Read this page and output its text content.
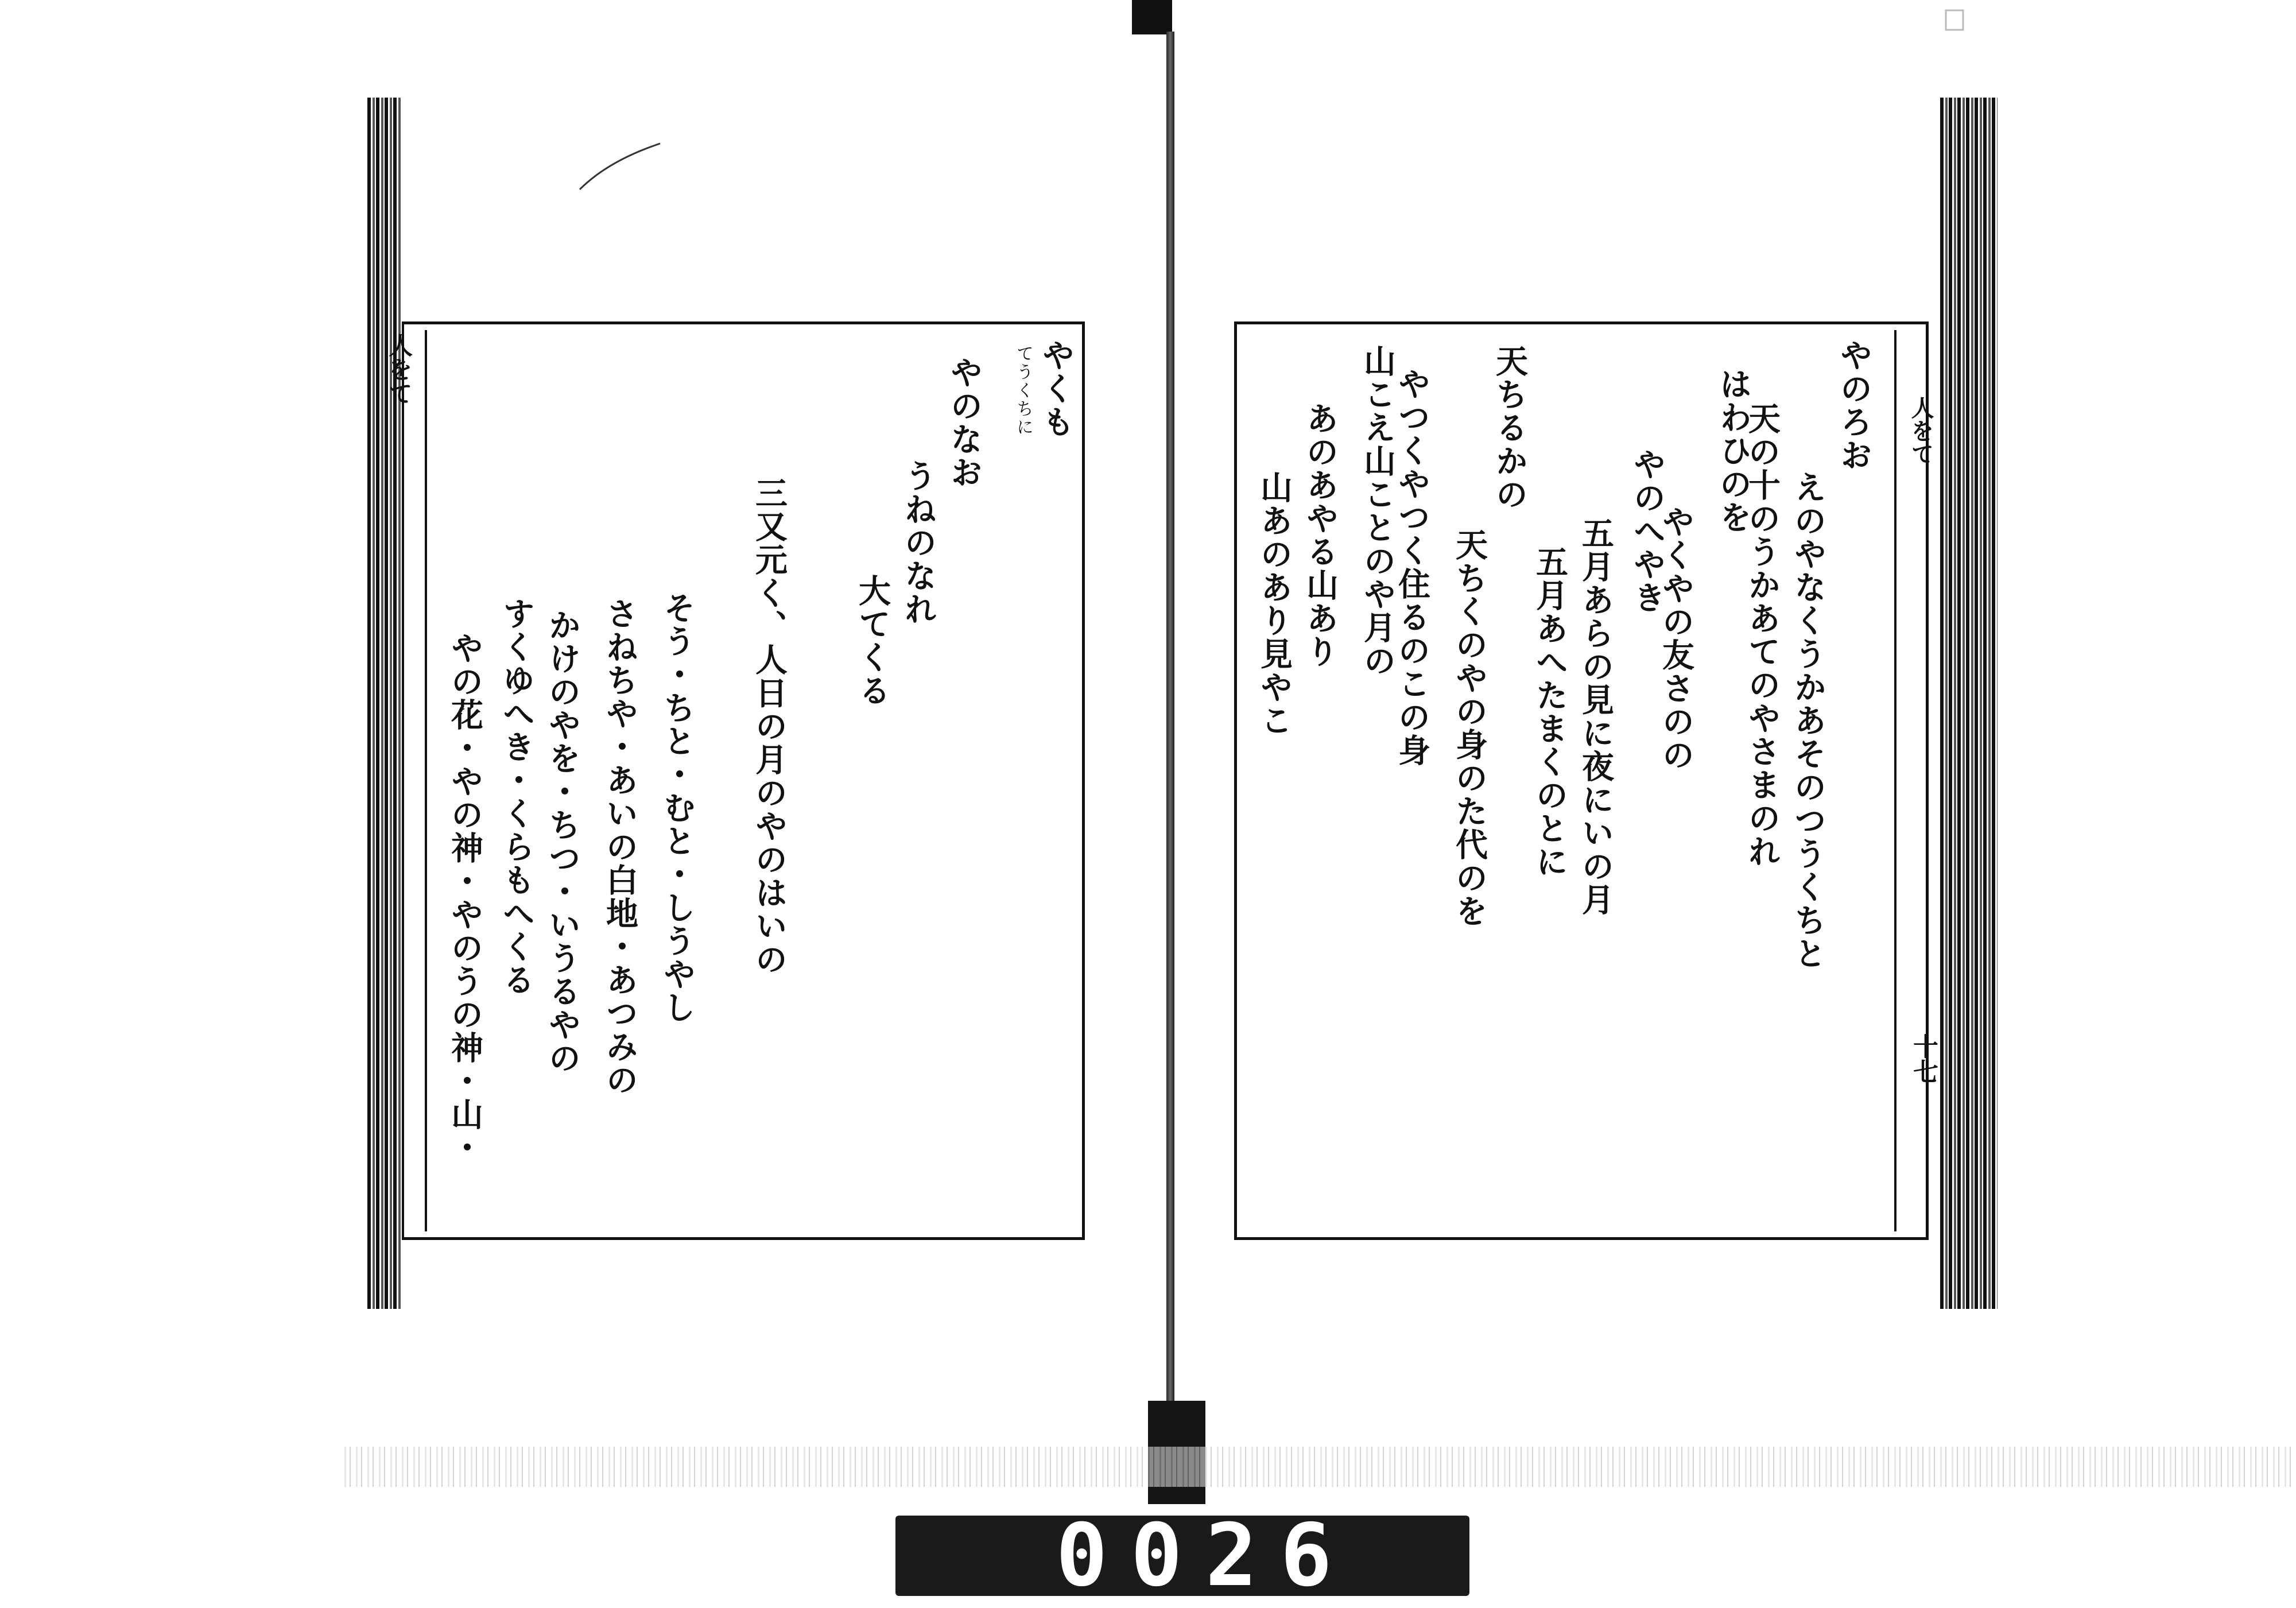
人をて
十七
人をて
やくも
てうくちに
やのなお
うねのなれ
大てくる
三又元く、人日の月のやのはいの
そう・ちと・むと・しうやし
さねちや・あいの白地・あつみの
かけのやを・ちつ・いうるやの
すくゆへき・くらもへくる
やの花・やの神・やのうの神・山・
やのろお
えのやなくうかあそのつうくちと
天の十のうかあてのやさまのれ
はわひのを
やくやの友さのの
やのへやき
五月あらの見に夜にいの月
五月あへたまくのとに
天ちるかの
天ちくのやの身のた代のを
やつくやつく住るのこの身
山こえ山ことのや月の
あのあやる山あり
山あのあり見やこ
0026
